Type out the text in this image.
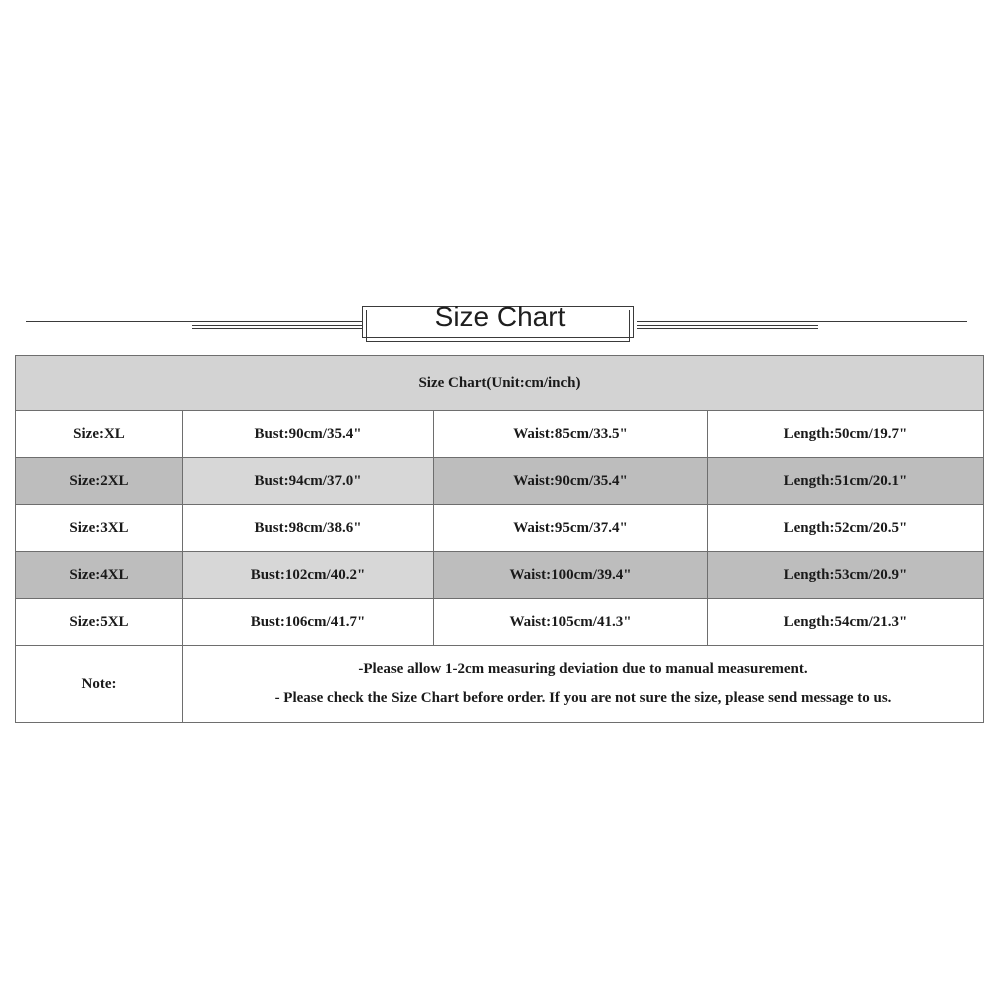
Size Chart
Size Chart(Unit:cm/inch)			
Size:XL	Bust:90cm/35.4"	Waist:85cm/33.5"	Length:50cm/19.7"
Size:2XL	Bust:94cm/37.0"	Waist:90cm/35.4"	Length:51cm/20.1"
Size:3XL	Bust:98cm/38.6"	Waist:95cm/37.4"	Length:52cm/20.5"
Size:4XL	Bust:102cm/40.2"	Waist:100cm/39.4"	Length:53cm/20.9"
Size:5XL	Bust:106cm/41.7"	Waist:105cm/41.3"	Length:54cm/21.3"
Note:	-Please allow 1-2cm measuring deviation due to manual measurement.
- Please check the Size Chart before order. If you are not sure the size, please send message to us.		
